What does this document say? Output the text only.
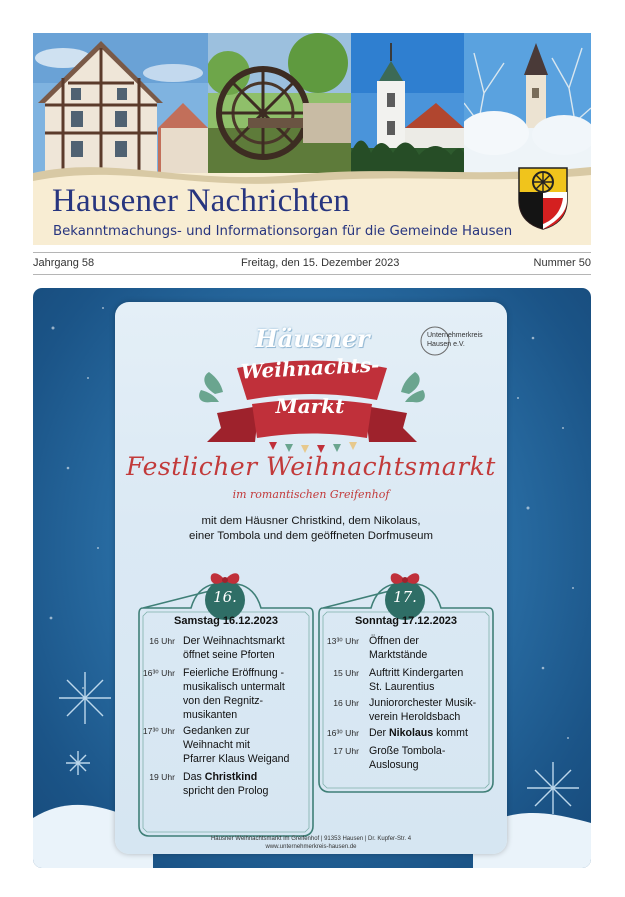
Hausener Nachrichten
Bekanntmachungs- und Informationsorgan für die Gemeinde Hausen
Jahrgang 58	Freitag, den 15. Dezember 2023	Nummer 50
Unternehmerkreis
Hausen e.V.
Häusner
Weihnachts-
Markt
Festlicher Weihnachtsmarkt
im romantischen Greifenhof
mit dem Häusner Christkind, dem Nikolaus,
einer Tombola und dem geöffneten Dorfmuseum
16.
Samstag 16.12.2023
16 Uhr Der Weihnachtsmarkt
öffnet seine Pforten
16³⁰ Uhr Feierliche Eröffnung -
musikalisch untermalt
von den Regnitz-
musikanten
17³⁰ Uhr Gedanken zur
Weihnacht mit
Pfarrer Klaus Weigand
19 Uhr Das Christkind
spricht den Prolog
17.
Sonntag 17.12.2023
13³⁰ Uhr Öffnen der
Marktstände
15 Uhr Auftritt Kindergarten
St. Laurentius
16 Uhr Juniororchester Musik-
verein Heroldsbach
16³⁰ Uhr Der Nikolaus kommt
17 Uhr Große Tombola-
Auslosung
Häusner Weihnachtsmarkt im Greifenhof | 91353 Hausen | Dr. Kupfer-Str. 4
www.unternehmerkreis-hausen.de
